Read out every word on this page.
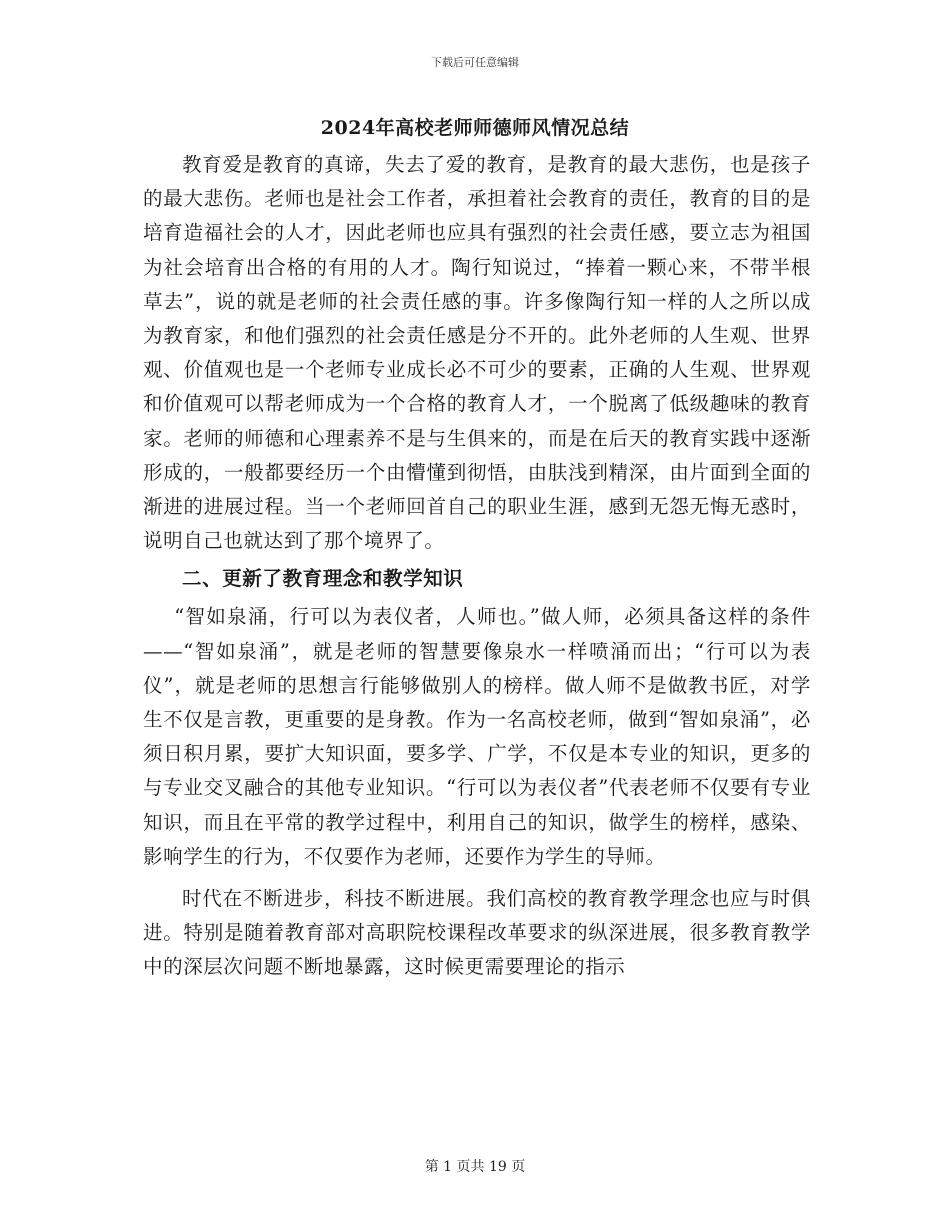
下载后可任意编辑
2024年高校老师师德师风情况总结

教育爱是教育的真谛，失去了爱的教育，是教育的最大悲伤，也是孩子的最大悲伤。老师也是社会工作者，承担着社会教育的责任，教育的目的是培育造福社会的人才，因此老师也应具有强烈的社会责任感，要立志为祖国为社会培育出合格的有用的人才。陶行知说过，“捧着一颗心来，不带半根草去”，说的就是老师的社会责任感的事。许多像陶行知一样的人之所以成为教育家，和他们强烈的社会责任感是分不开的。此外老师的人生观、世界观、价值观也是一个老师专业成长必不可少的要素，正确的人生观、世界观和价值观可以帮老师成为一个合格的教育人才，一个脱离了低级趣味的教育家。老师的师德和心理素养不是与生俱来的，而是在后天的教育实践中逐渐形成的，一般都要经历一个由懵懂到彻悟，由肤浅到精深，由片面到全面的渐进的进展过程。当一个老师回首自己的职业生涯，感到无怨无悔无惑时，说明自己也就达到了那个境界了。

二、更新了教育理念和教学知识

“智如泉涌，行可以为表仪者，人师也。”做人师，必须具备这样的条件——“智如泉涌”，就是老师的智慧要像泉水一样喷涌而出；“行可以为表仪”，就是老师的思想言行能够做别人的榜样。做人师不是做教书匠，对学生不仅是言教，更重要的是身教。作为一名高校老师，做到“智如泉涌”，必须日积月累，要扩大知识面，要多学、广学，不仅是本专业的知识，更多的与专业交叉融合的其他专业知识。“行可以为表仪者”代表老师不仅要有专业知识，而且在平常的教学过程中，利用自己的知识，做学生的榜样，感染、影响学生的行为，不仅要作为老师，还要作为学生的导师。

时代在不断进步，科技不断进展。我们高校的教育教学理念也应与时俱进。特别是随着教育部对高职院校课程改革要求的纵深进展，很多教育教学中的深层次问题不断地暴露，这时候更需要理论的指示

第 1 页共 19 页
